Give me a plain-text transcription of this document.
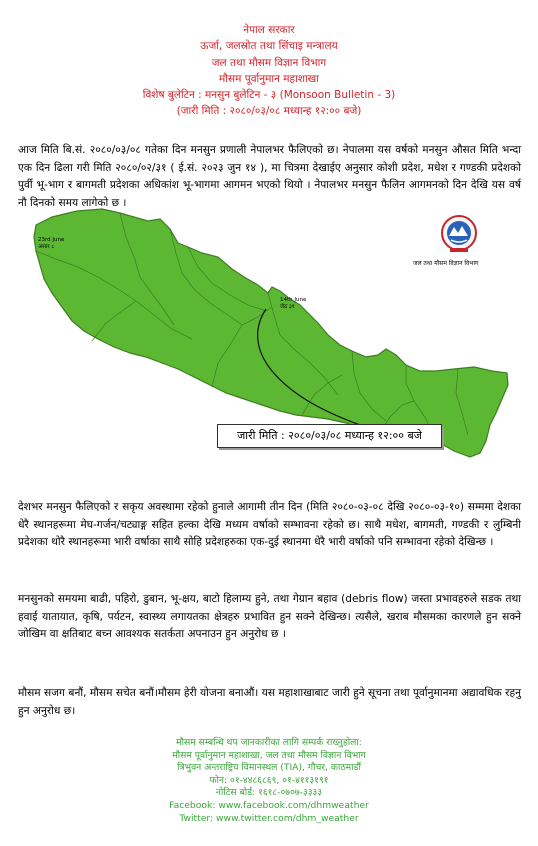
नेपाल सरकार
ऊर्जा, जलस्रोत तथा सिंचाइ मन्त्रालय
जल तथा मौसम विज्ञान विभाग
मौसम पूर्वानुमान महाशाखा
विशेष बुलेटिन : मनसुन बुलेटिन - ३ (Monsoon Bulletin - 3)
(जारी मिति : २०८०/०३/०८ मध्यान्ह १२:०० बजे)

आज मिति बि.सं. २०८०/०३/०८ गतेका दिन मनसुन प्रणाली नेपालभर फैलिएको छ। नेपालमा यस वर्षको मनसुन औसत मिति भन्दा एक दिन ढिला गरी मिति २०८०/०२/३१ ( ई.सं. २०२३ जुन १४ ), मा चित्रमा देखाईए अनुसार कोशी प्रदेश, मधेश र गण्डकी प्रदेशको पुर्वी भू-भाग र बागमती प्रदेशका अधिकांश भू-भागमा आगमन भएको थियो । नेपालभर मनसुन फैलिन आगमनको दिन देखि यस वर्ष नौ दिनको समय लागेको छ ।

जारी मिति : २०८०/०३/०८ मध्यान्ह १२:०० बजे
23rd June
असार ८
14th June
जेठ ३१
जल तथा मौसम विज्ञान विभाग

देशभर मनसुन फैलिएको र सकृय अवस्थामा रहेको हुनाले आगामी तीन दिन (मिति २०८०-०३-०८ देखि २०८०-०३-१०) सम्ममा देशका धेरै स्थानहरूमा मेघ-गर्जन/चट्याङ्ग सहित हल्का देखि मध्यम वर्षाको सम्भावना रहेको छ। साथै मधेश, बागमती, गण्डकी र लुम्बिनी प्रदेशका थोरै स्थानहरूमा भारी वर्षाका साथै सोहि प्रदेशहरुका एक-दुई स्थानमा धेरै भारी वर्षाको पनि सम्भावना रहेको देखिन्छ ।

मनसुनको समयमा बाढी, पहिरो, डुबान, भू-क्षय, बाटो हिलाम्य हुने, तथा गेग्रान बहाव (debris flow) जस्ता प्रभावहरुले सडक तथा हवाई यातायात, कृषि, पर्यटन, स्वास्थ्य लगायतका क्षेत्रहरु प्रभावित हुन सक्ने देखिन्छ। त्यसैले, खराब मौसमका कारणले हुन सक्ने जोखिम वा क्षतिबाट बच्न आवश्यक सतर्कता अपनाउन हुन अनुरोध छ ।

मौसम सजग बनौं, मौसम सचेत बनौं।मौसम हेरी योजना बनाऔं। यस महाशाखाबाट जारी हुने सूचना तथा पूर्वानुमानमा अद्यावधिक रहनु हुन अनुरोध छ।

मौसम सम्बन्धि थप जानकारीका लागि सम्पर्क राख्नुहोला:
मौसम पूर्वानुमान महाशाखा, जल तथा मौसम विज्ञान विभाग
त्रिभुवन अन्तराष्ट्रिय विमानस्थल (TIA), गौचर, काठमाडौं
फोन: ०१-४४८६८६९, ०१-४११३१९१
नोटिस बोर्ड: १६१८-०७०७-३३३३
Facebook: www.facebook.com/dhmweather
Twitter: www.twitter.com/dhm_weather
